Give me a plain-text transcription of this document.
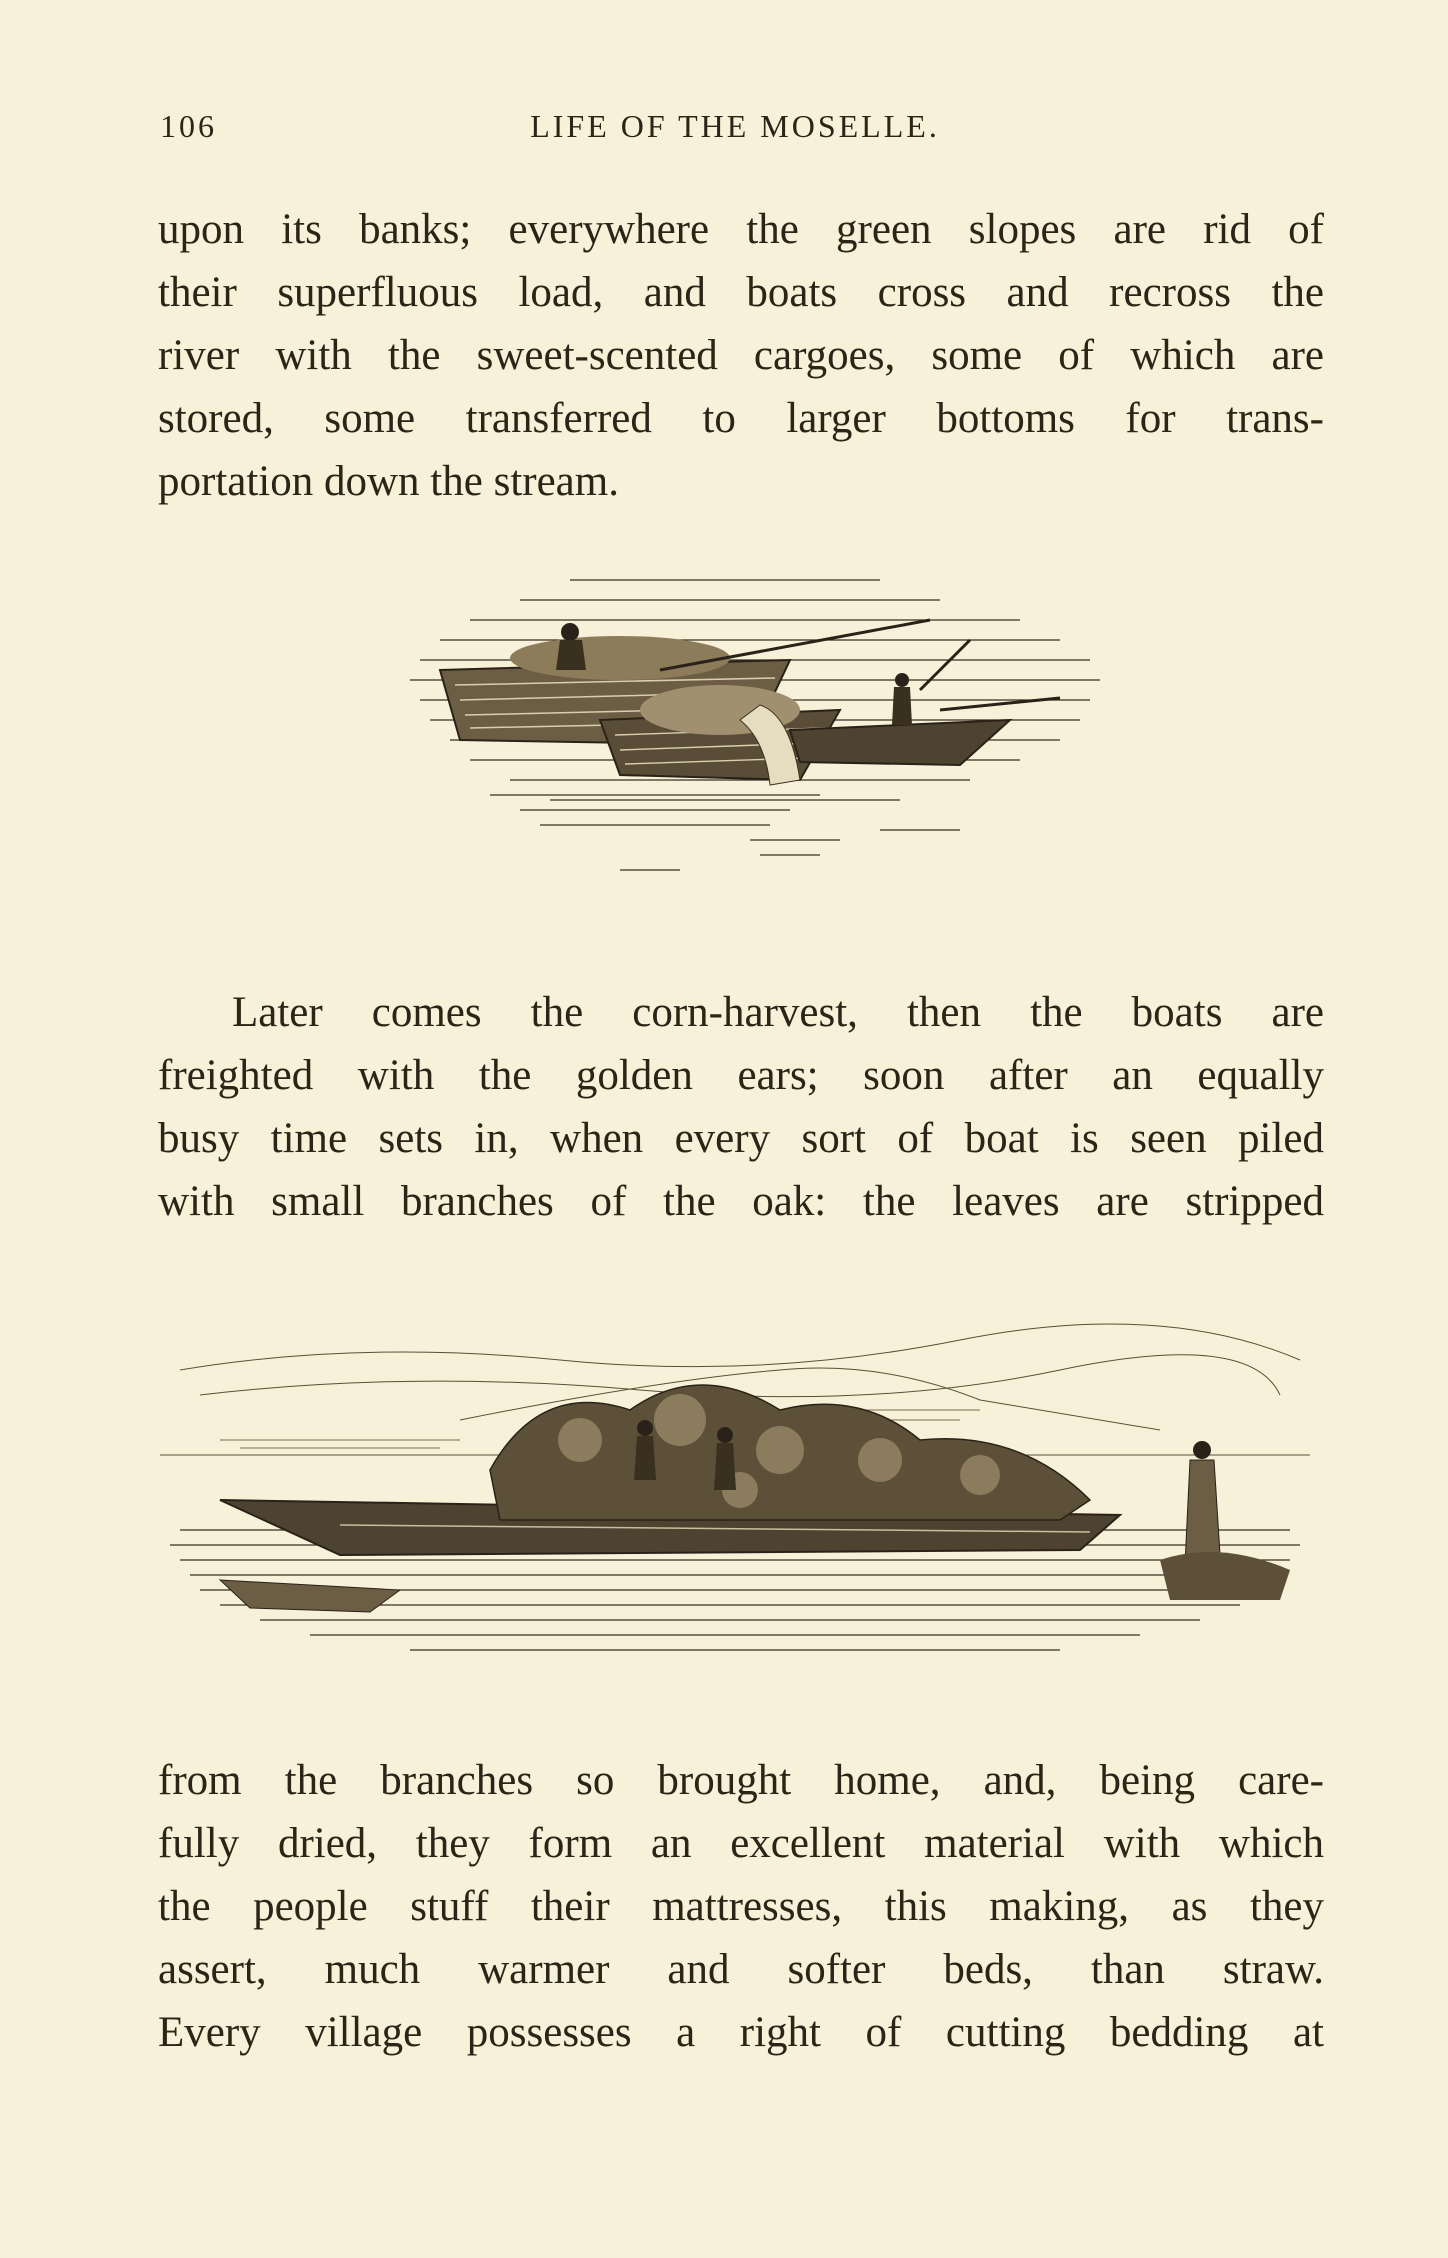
106	LIFE OF THE MOSELLE.
upon its banks; everywhere the green slopes are rid of
their superfluous load, and boats cross and recross the
river with the sweet-scented cargoes, some of which are
stored, some transferred to larger bottoms for trans-
portation down the stream.
Later comes the corn-harvest, then the boats are
freighted with the golden ears; soon after an equally
busy time sets in, when every sort of boat is seen piled
with small branches of the oak: the leaves are stripped
from the branches so brought home, and, being care-
fully dried, they form an excellent material with which
the people stuff their mattresses, this making, as they
assert, much warmer and softer beds, than straw.
Every village possesses a right of cutting bedding at
